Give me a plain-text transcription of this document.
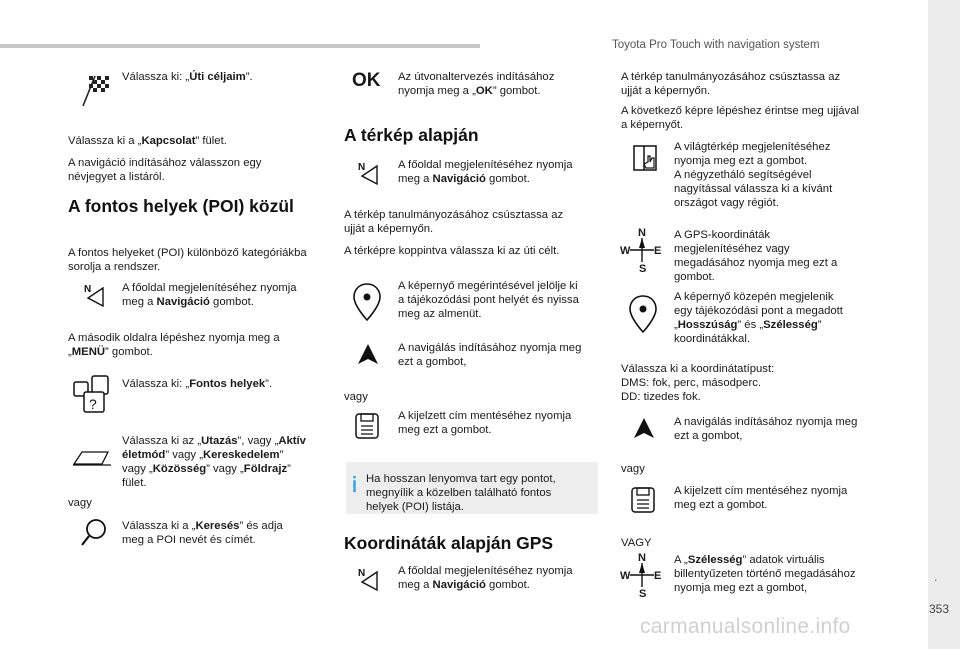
Toyota Pro Touch with navigation system
.
353
carmanualsonline.info

Válassza ki: „Úti céljaim”.

Válassza ki a „Kapcsolat” fület.

A navigáció indításához válasszon egy

névjegyet a listáról.

A fontos helyek (POI) közül

A fontos helyeket (POI) különböző kategóriákba

sorolja a rendszer.

N	A főoldal megjelenítéséhez nyomja

meg a Navigáció gombot.

A második oldalra lépéshez nyomja meg a

„MENÜ” gombot.

?

Válassza ki: „Fontos helyek”.

Válassza ki az „Utazás”, vagy „Aktív

életmód” vagy „Kereskedelem”

vagy „Közösség” vagy „Földrajz”

fület.

vagy

Válassza ki a „Keresés” és adja

meg a POI nevét és címét.

OK Az útvonaltervezés indításához

nyomja meg a „OK” gombot.

A térkép alapján
N	A főoldal megjelenítéséhez nyomja

meg a Navigáció gombot.

A térkép tanulmányozásához csúsztassa az

ujját a képernyőn.

A térképre koppintva válassza ki az úti célt.

A képernyő megérintésével jelölje ki

a tájékozódási pont helyét és nyissa

meg az almenüt.

A navigálás indításához nyomja meg

ezt a gombot,

vagy

A kijelzett cím mentéséhez nyomja

meg ezt a gombot.

Ha hosszan lenyomva tart egy pontot,

megnyílik a közelben található fontos

helyek (POI) listája.

Koordináták alapján GPS
N	A főoldal megjelenítéséhez nyomja

meg a Navigáció gombot.

A térkép tanulmányozásához csúsztassa az

ujját a képernyőn.

A következő képre lépéshez érintse meg ujjával

a képernyőt.

A világtérkép megjelenítéséhez

nyomja meg ezt a gombot.

A négyzetháló segítségével

nagyítással válassza ki a kívánt

országot vagy régiót.

N
S
W E

A GPS-koordináták

megjelenítéséhez vagy

megadásához nyomja meg ezt a

gombot.

A képernyő közepén megjelenik

egy tájékozódási pont a megadott

„Hosszúság” és „Szélesség”

koordinátákkal.

Válassza ki a koordinátatípust:

DMS: fok, perc, másodperc.

DD: tizedes fok.

A navigálás indításához nyomja meg

ezt a gombot,

vagy

A kijelzett cím mentéséhez nyomja

meg ezt a gombot.

VAGY

N
S
W E

A „Szélesség” adatok virtuális

billentyűzeten történő megadásához

nyomja meg ezt a gombot,
